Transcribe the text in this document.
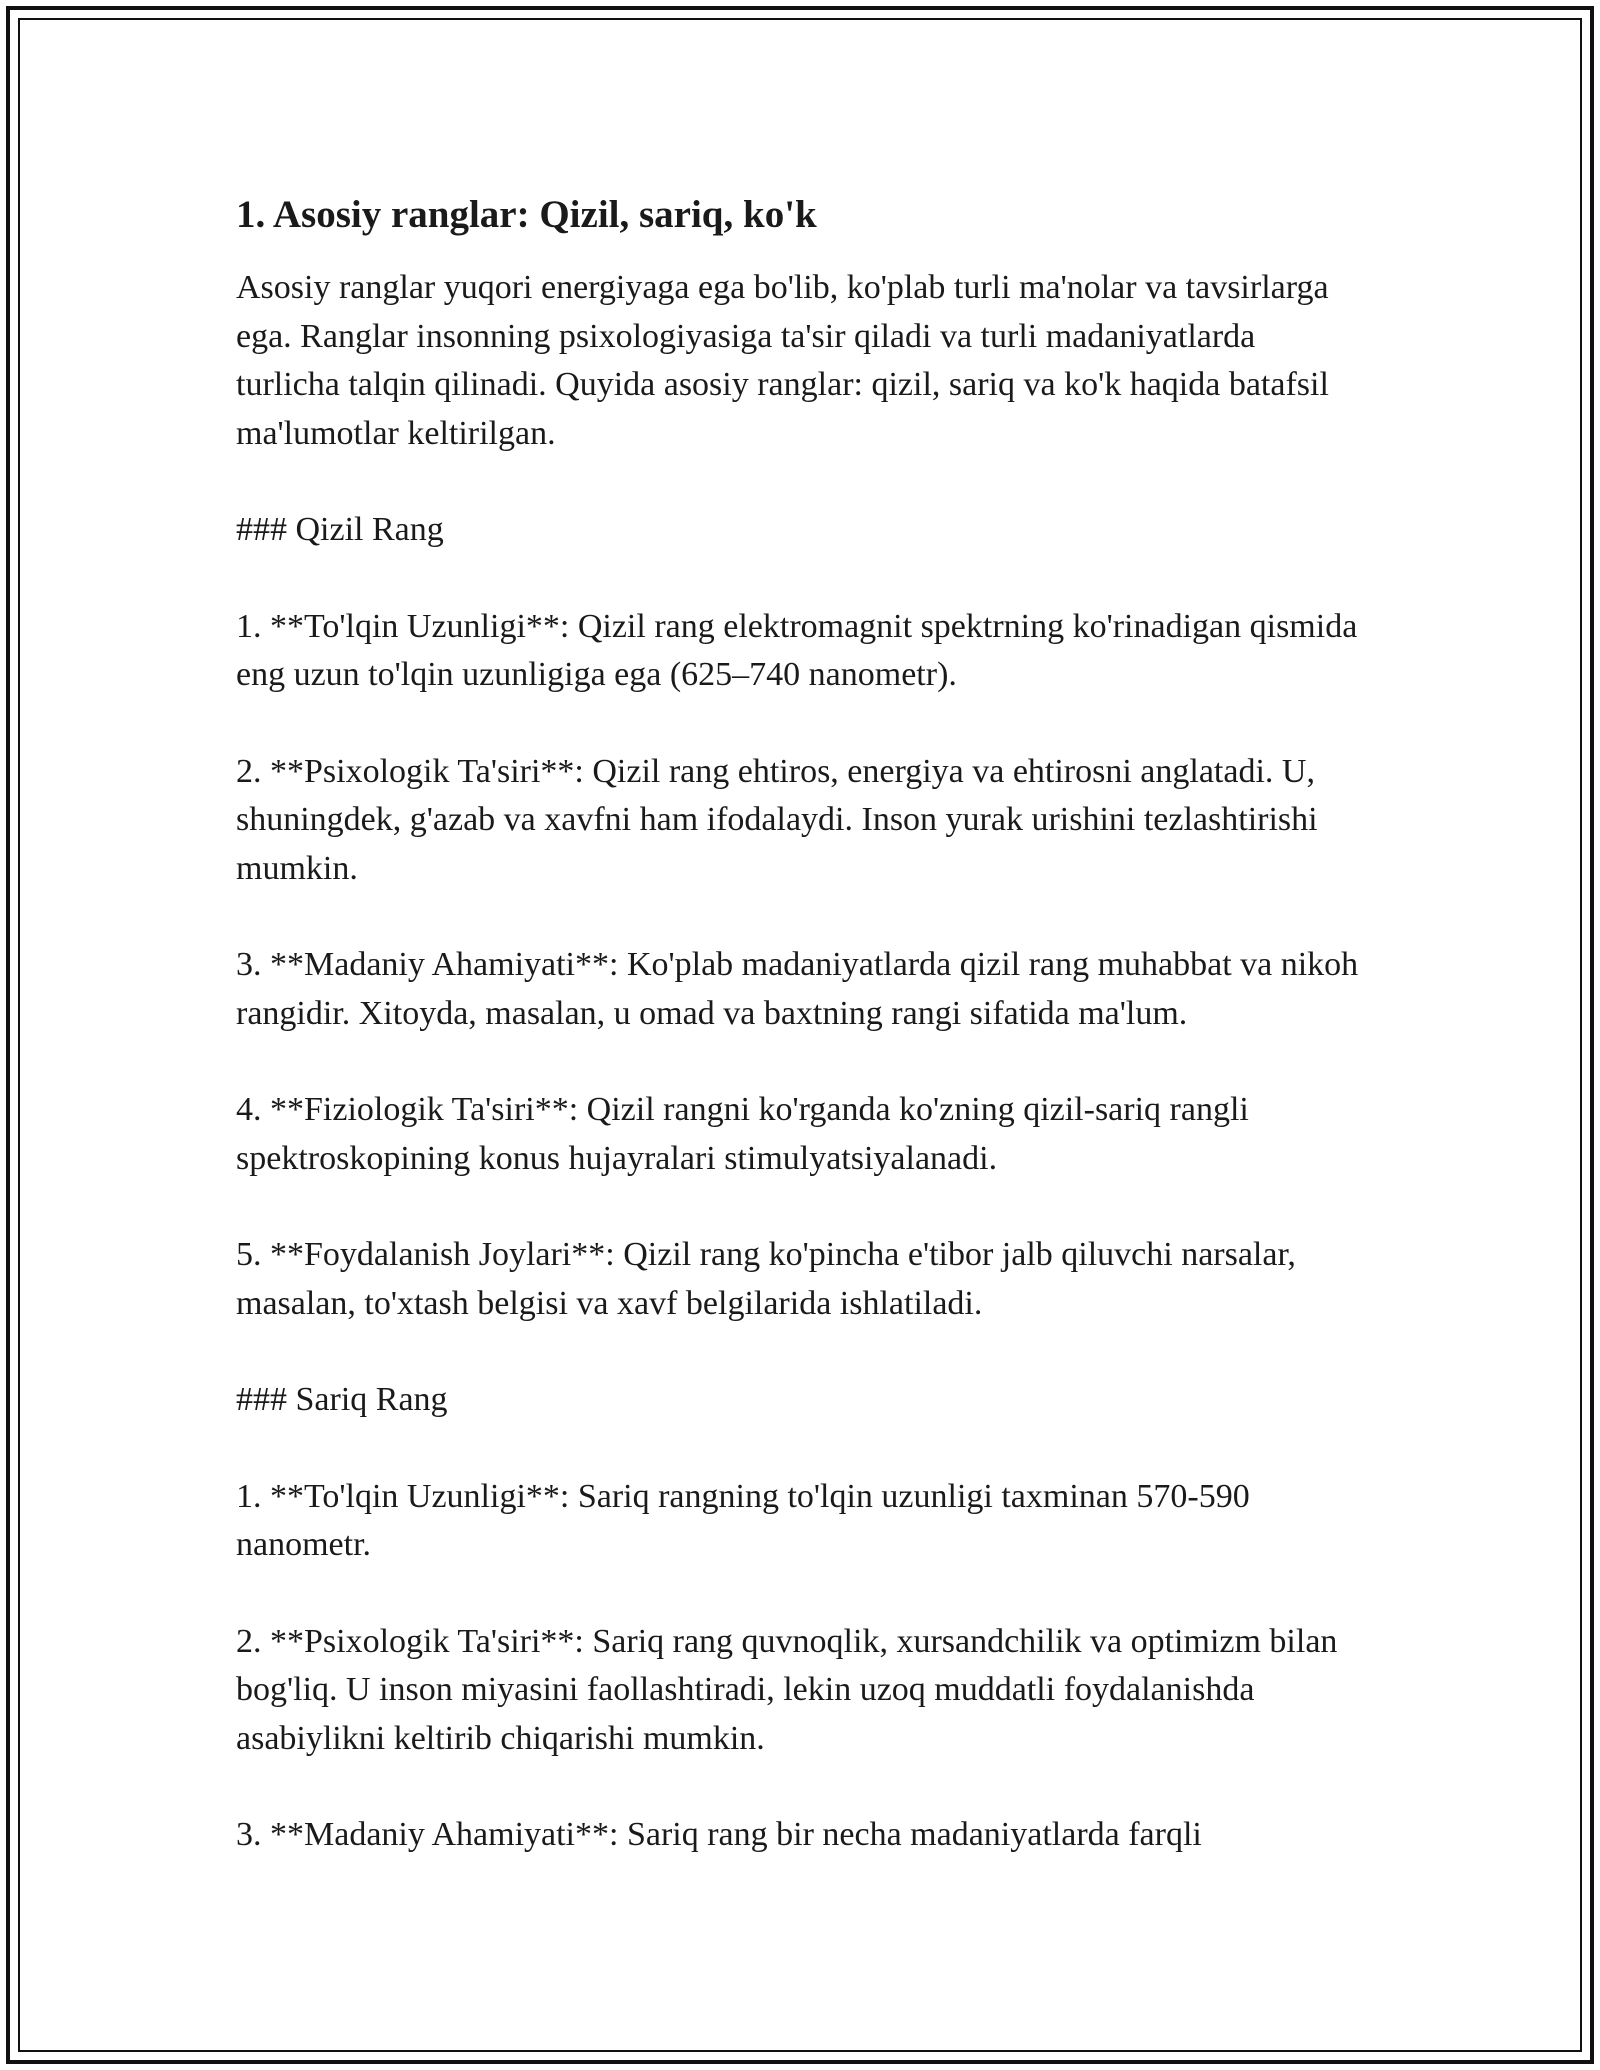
1. Asosiy ranglar: Qizil, sariq, ko'k

Asosiy ranglar yuqori energiyaga ega bo'lib, ko'plab turli ma'nolar va tavsirlarga ega. Ranglar insonning psixologiyasiga ta'sir qiladi va turli madaniyatlarda turlicha talqin qilinadi. Quyida asosiy ranglar: qizil, sariq va ko'k haqida batafsil ma'lumotlar keltirilgan.

### Qizil Rang

1. **To'lqin Uzunligi**: Qizil rang elektromagnit spektrning ko'rinadigan qismida eng uzun to'lqin uzunligiga ega (625–740 nanometr).

2. **Psixologik Ta'siri**: Qizil rang ehtiros, energiya va ehtirosni anglatadi. U, shuningdek, g'azab va xavfni ham ifodalaydi. Inson yurak urishini tezlashtirishi mumkin.

3. **Madaniy Ahamiyati**: Ko'plab madaniyatlarda qizil rang muhabbat va nikoh rangidir. Xitoyda, masalan, u omad va baxtning rangi sifatida ma'lum.

4. **Fiziologik Ta'siri**: Qizil rangni ko'rganda ko'zning qizil-sariq rangli spektroskopining konus hujayralari stimulyatsiyalanadi.

5. **Foydalanish Joylari**: Qizil rang ko'pincha e'tibor jalb qiluvchi narsalar, masalan, to'xtash belgisi va xavf belgilarida ishlatiladi.

### Sariq Rang

1. **To'lqin Uzunligi**: Sariq rangning to'lqin uzunligi taxminan 570-590 nanometr.

2. **Psixologik Ta'siri**: Sariq rang quvnoqlik, xursandchilik va optimizm bilan bog'liq. U inson miyasini faollashtiradi, lekin uzoq muddatli foydalanishda asabiylikni keltirib chiqarishi mumkin.

3. **Madaniy Ahamiyati**: Sariq rang bir necha madaniyatlarda farqli
